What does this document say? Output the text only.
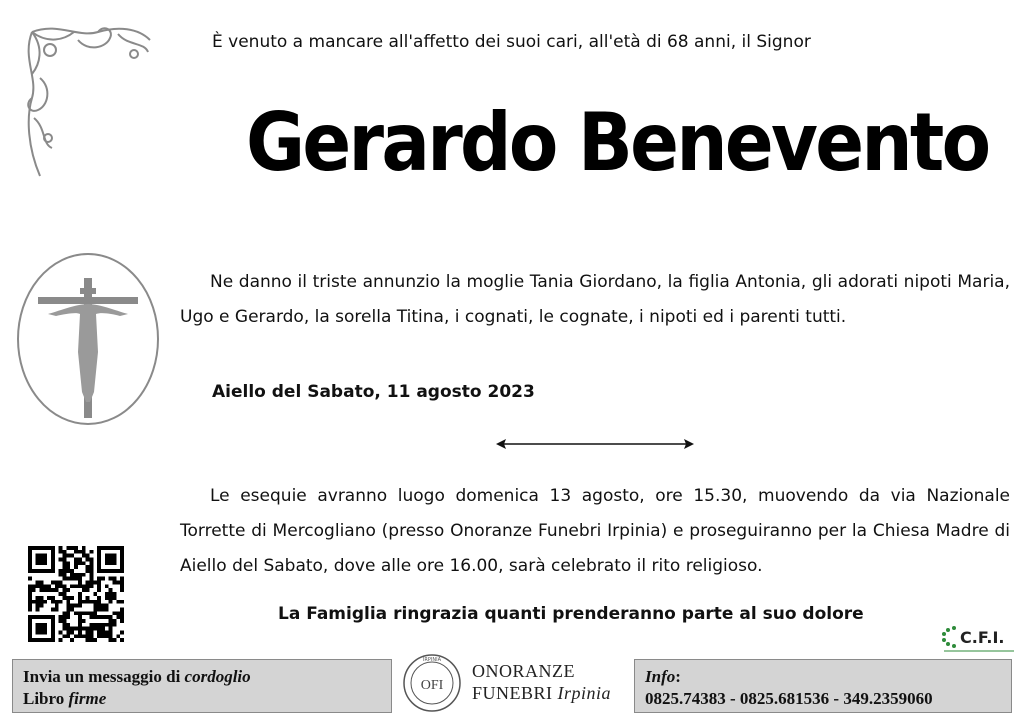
È venuto a mancare all'affetto dei suoi cari, all'età di 68 anni, il Signor
Gerardo Benevento
Ne danno il triste annunzio la moglie Tania Giordano, la figlia Antonia, gli adorati nipoti Maria, Ugo e Gerardo, la sorella Titina, i cognati, le cognate, i nipoti ed i parenti tutti.
Aiello del Sabato, 11 agosto 2023
Le esequie avranno luogo domenica 13 agosto, ore 15.30, muovendo da via Nazionale Torrette di Mercogliano (presso Onoranze Funebri Irpinia) e proseguiranno per la Chiesa Madre di Aiello del Sabato, dove alle ore 16.00, sarà celebrato il rito religioso.
La Famiglia ringrazia quanti prenderanno parte al suo dolore
C.F.I.
Invia un messaggio di cordoglio
Libro firme
IRPINIA
OFI
ONORANZE
FUNEBRI Irpinia
Info:
0825.74383 - 0825.681536 - 349.2359060
